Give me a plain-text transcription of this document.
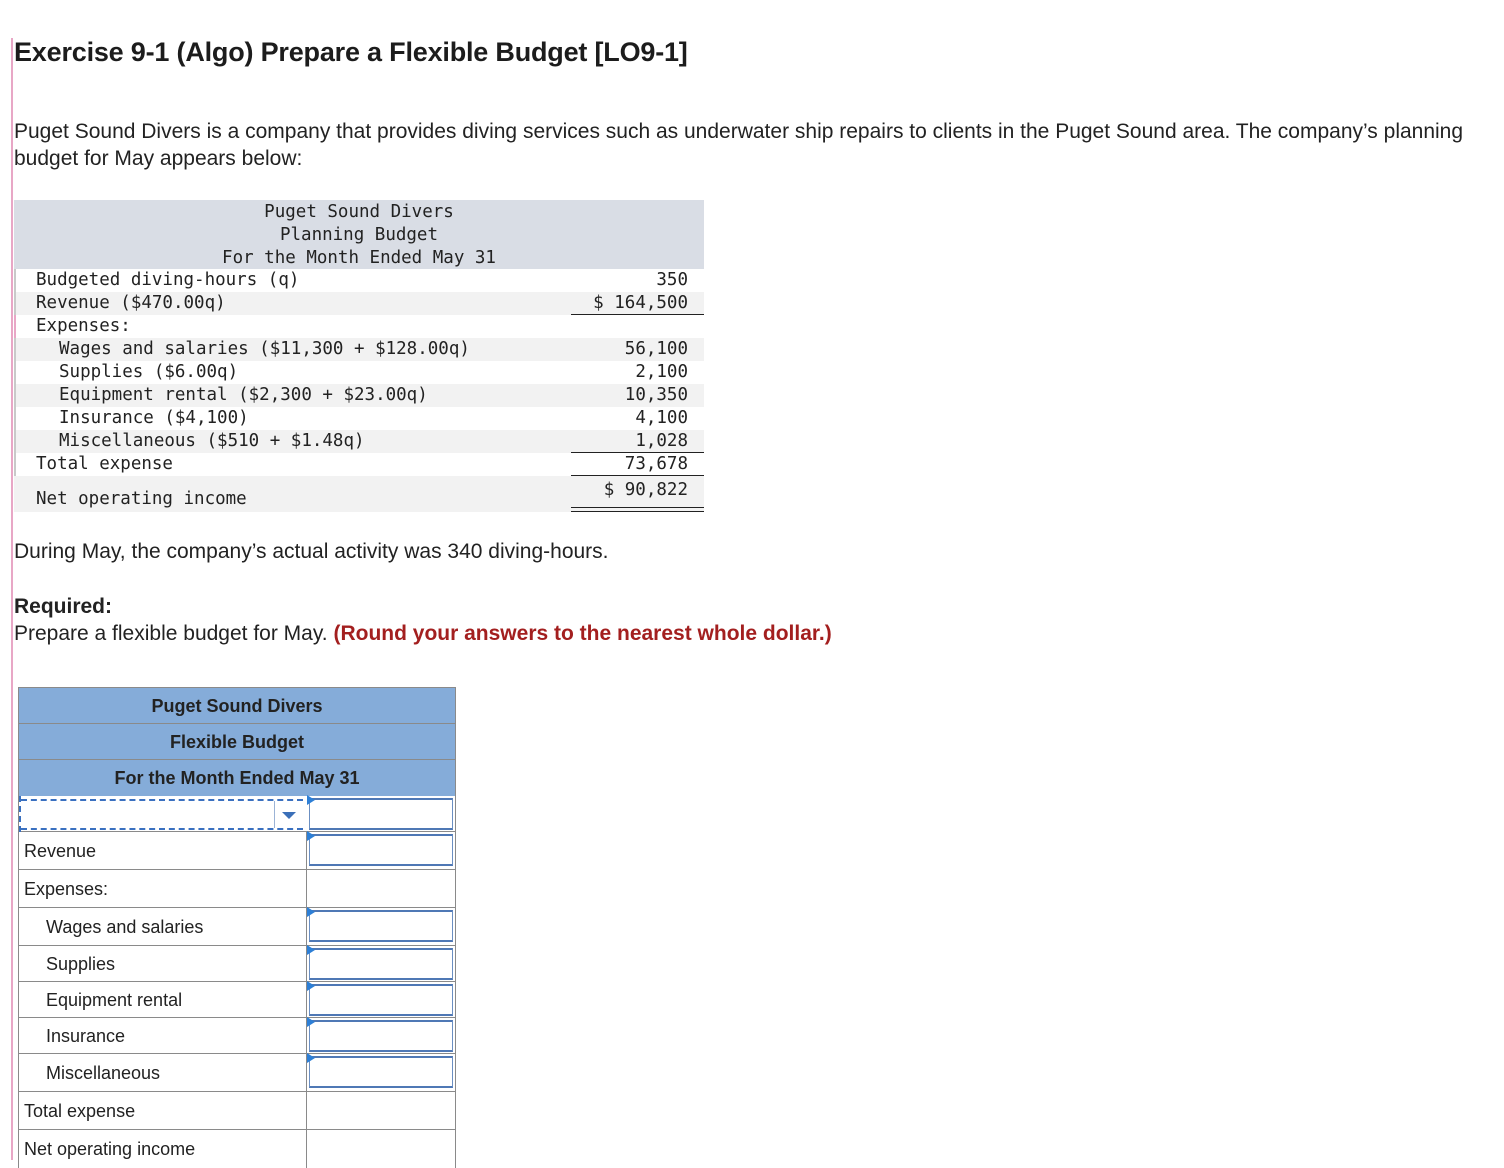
Exercise 9-1 (Algo) Prepare a Flexible Budget [LO9-1]

Puget Sound Divers is a company that provides diving services such as underwater ship repairs to clients in the Puget Sound area. The company’s planning budget for May appears below:

Puget Sound Divers
Planning Budget
For the Month Ended May 31
Budgeted diving-hours (q)	350
Revenue ($470.00q)	$ 164,500
Expenses:
Wages and salaries ($11,300 + $128.00q)	56,100
Supplies ($6.00q)	2,100
Equipment rental ($2,300 + $23.00q)	10,350
Insurance ($4,100)	4,100
Miscellaneous ($510 + $1.48q)	1,028
Total expense	73,678
Net operating income	$ 90,822

During May, the company’s actual activity was 340 diving-hours.

Required:

Prepare a flexible budget for May. (Round your answers to the nearest whole dollar.)

Puget Sound Divers
Flexible Budget
For the Month Ended May 31
Revenue
Expenses:
Wages and salaries
Supplies
Equipment rental
Insurance
Miscellaneous
Total expense
Net operating income
